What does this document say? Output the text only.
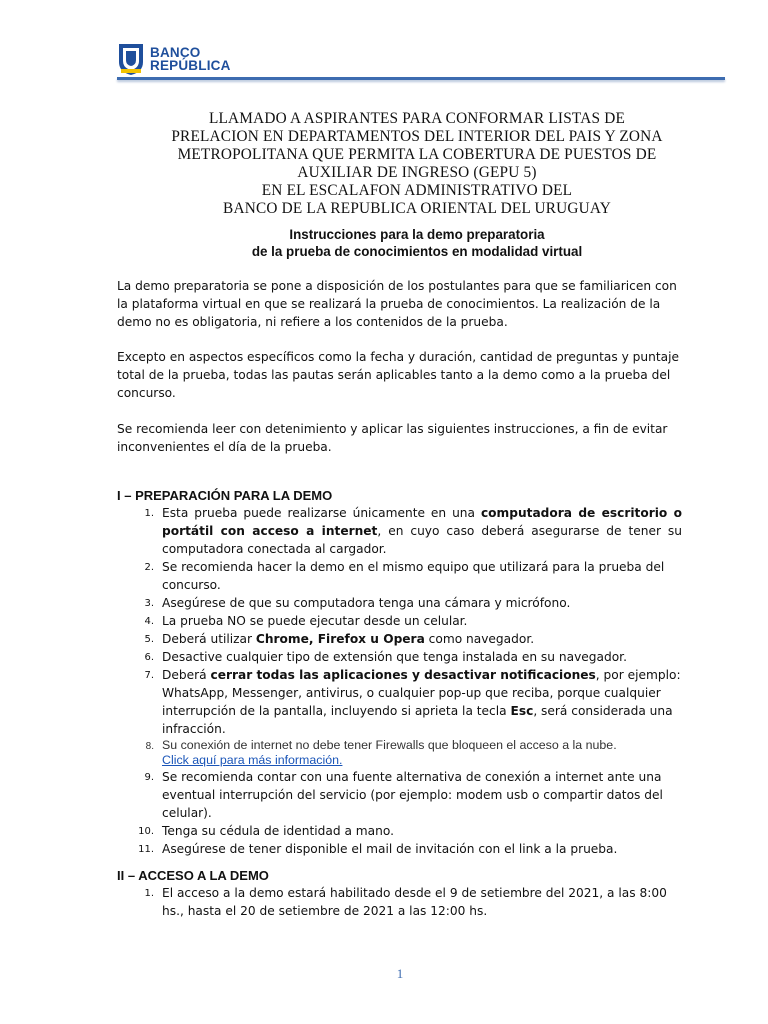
BANCO
REPÚBLICA
LLAMADO A ASPIRANTES PARA CONFORMAR LISTAS DE
PRELACION EN DEPARTAMENTOS DEL INTERIOR DEL PAIS Y ZONA
METROPOLITANA QUE PERMITA LA COBERTURA DE PUESTOS DE
AUXILIAR DE INGRESO (GEPU 5)
EN EL ESCALAFON ADMINISTRATIVO DEL
BANCO DE LA REPUBLICA ORIENTAL DEL URUGUAY
Instrucciones para la demo preparatoria
de la prueba de conocimientos en modalidad virtual

La demo preparatoria se pone a disposición de los postulantes para que se familiaricen con la plataforma virtual en que se realizará la prueba de conocimientos. La realización de la demo no es obligatoria, ni refiere a los contenidos de la prueba.

Excepto en aspectos específicos como la fecha y duración, cantidad de preguntas y puntaje total de la prueba, todas las pautas serán aplicables tanto a la demo como a la prueba del concurso.

Se recomienda leer con detenimiento y aplicar las siguientes instrucciones, a fin de evitar inconvenientes el día de la prueba.

I – PREPARACIÓN PARA LA DEMO
1. Esta prueba puede realizarse únicamente en una computadora de escritorio o portátil con acceso a internet, en cuyo caso deberá asegurarse de tener su computadora conectada al cargador.
2. Se recomienda hacer la demo en el mismo equipo que utilizará para la prueba del concurso.
3. Asegúrese de que su computadora tenga una cámara y micrófono.
4. La prueba NO se puede ejecutar desde un celular.
5. Deberá utilizar Chrome, Firefox u Opera como navegador.
6. Desactive cualquier tipo de extensión que tenga instalada en su navegador.
7. Deberá cerrar todas las aplicaciones y desactivar notificaciones, por ejemplo: WhatsApp, Messenger, antivirus, o cualquier pop-up que reciba, porque cualquier interrupción de la pantalla, incluyendo si aprieta la tecla Esc, será considerada una infracción.
8. Su conexión de internet no debe tener Firewalls que bloqueen el acceso a la nube.
Click aquí para más información.
9. Se recomienda contar con una fuente alternativa de conexión a internet ante una eventual interrupción del servicio (por ejemplo: modem usb o compartir datos del celular).
10. Tenga su cédula de identidad a mano.
11. Asegúrese de tener disponible el mail de invitación con el link a la prueba.
II – ACCESO A LA DEMO
1. El acceso a la demo estará habilitado desde el 9 de setiembre del 2021, a las 8:00 hs., hasta el 20 de setiembre de 2021 a las 12:00 hs.
1
